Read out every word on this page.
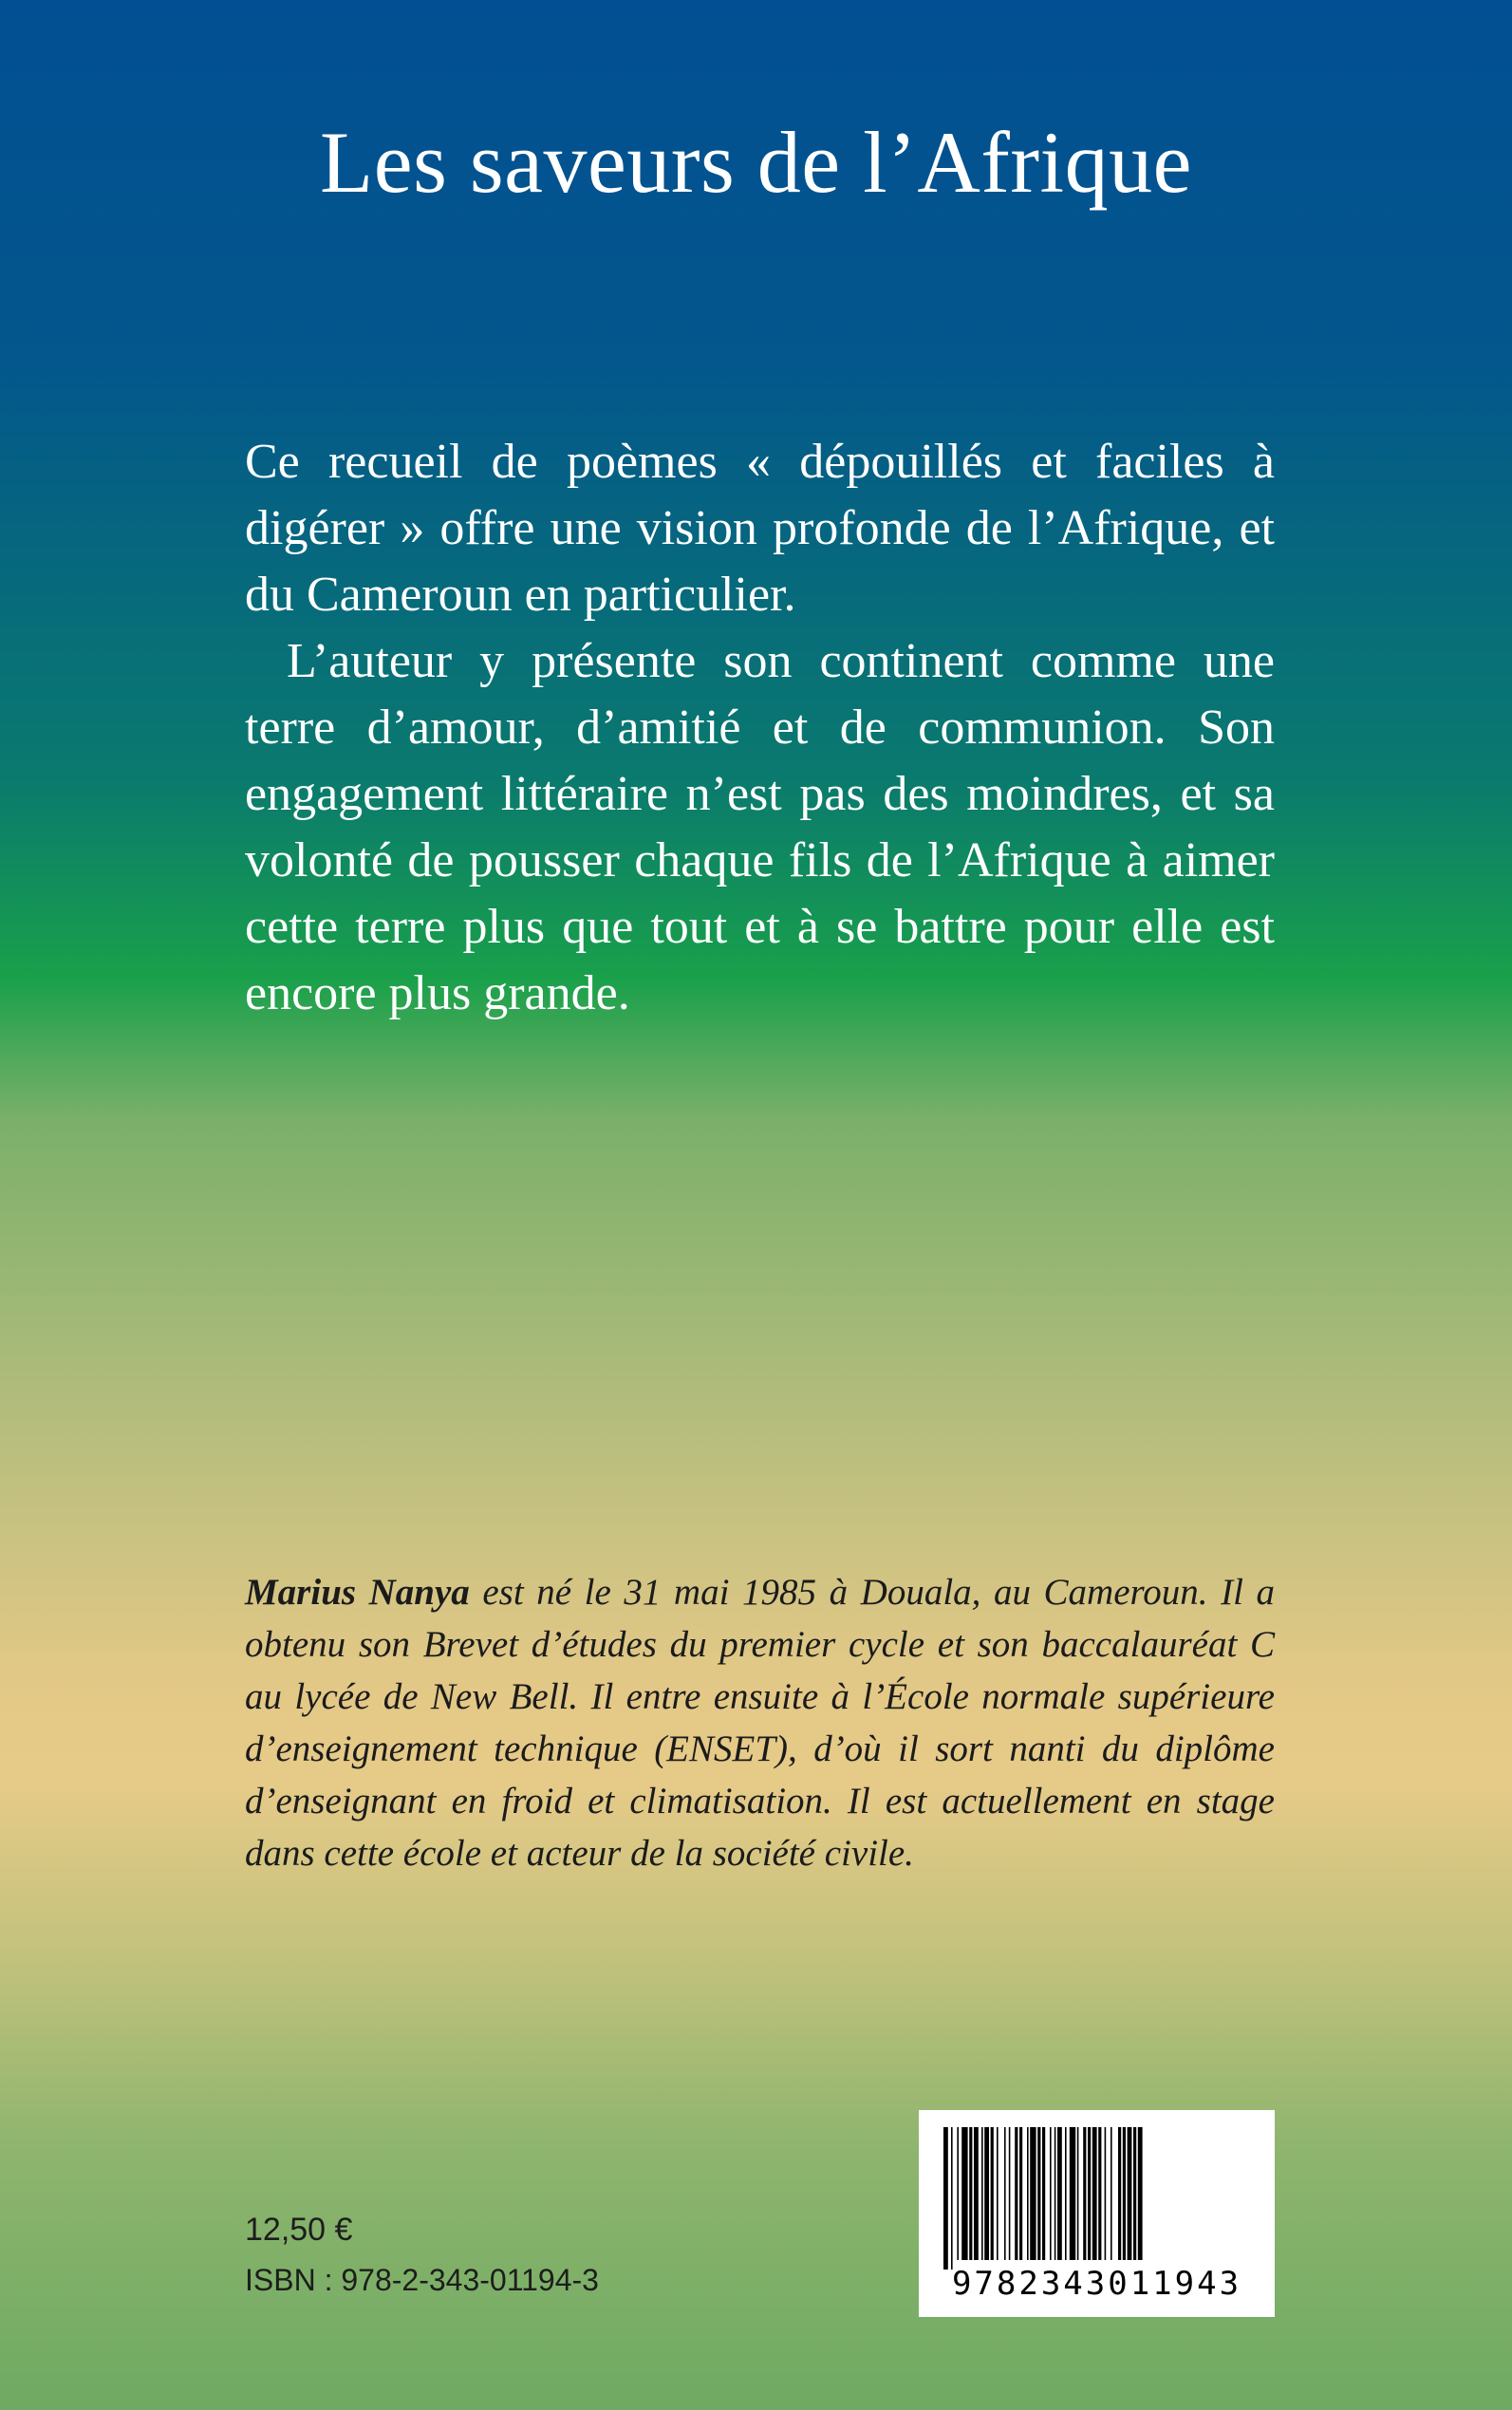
Les saveurs de l’Afrique

Ce recueil de poèmes « dépouillés et faciles à digérer » offre une vision profonde de l’Afrique, et du Cameroun en particulier.

L’auteur y présente son continent comme une terre d’amour, d’amitié et de communion. Son engagement littéraire n’est pas des moindres, et sa volonté de pousser chaque fils de l’Afrique à aimer cette terre plus que tout et à se battre pour elle est encore plus grande.

Marius Nanya est né le 31 mai 1985 à Douala, au Cameroun. Il a obtenu son Brevet d’études du premier cycle et son baccalauréat C au lycée de New Bell. Il entre ensuite à l’École normale supérieure d’enseignement technique (ENSET), d’où il sort nanti du diplôme d’enseignant en froid et climatisation. Il est actuellement en stage dans cette école et acteur de la société civile.
12,50 €
ISBN : 978-2-343-01194-3	9782343011943
